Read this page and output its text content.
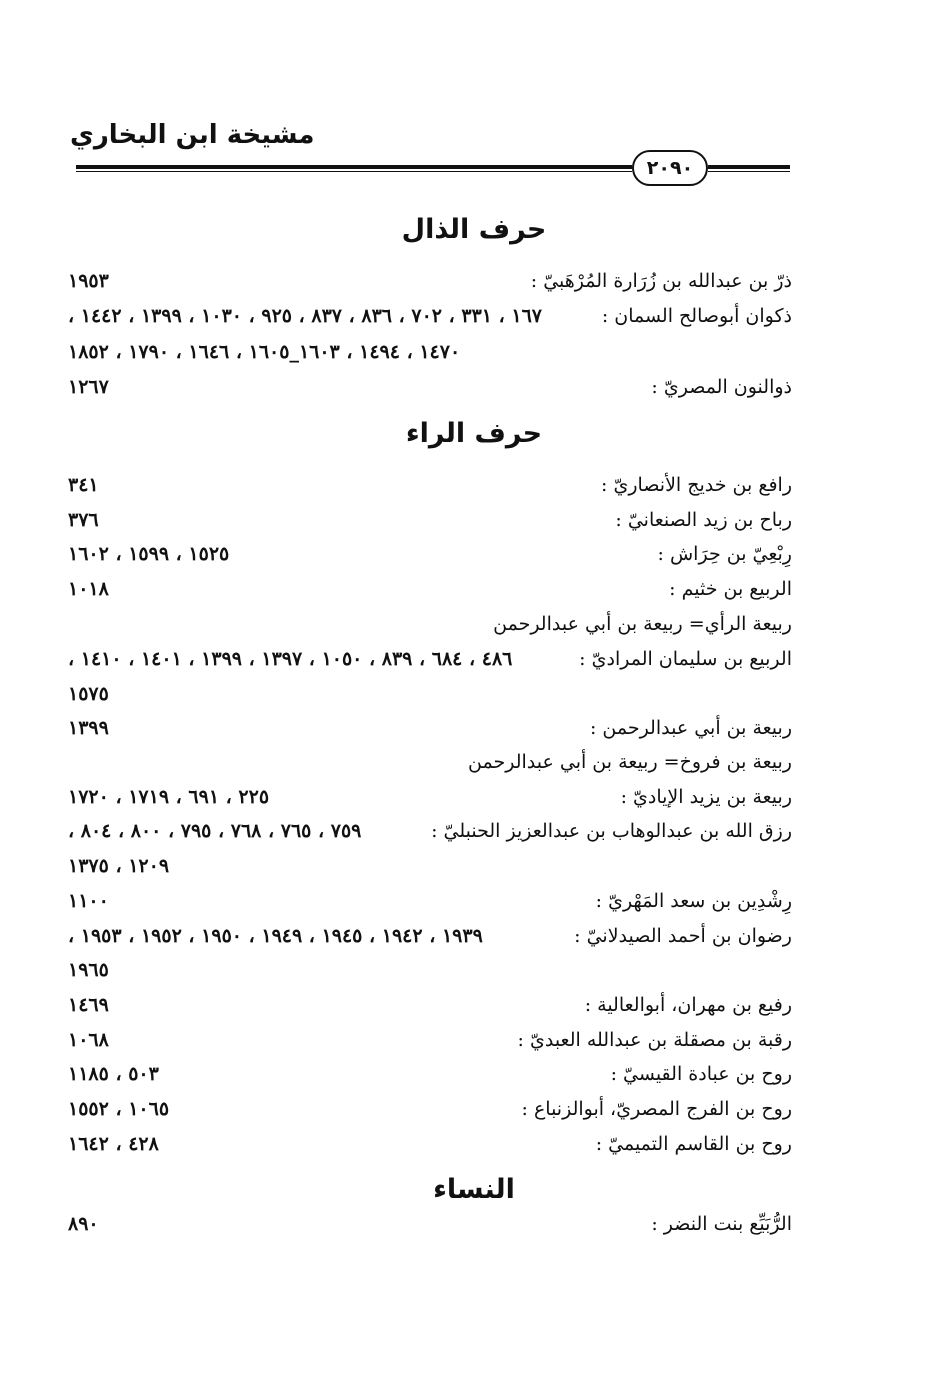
مشيخة ابن البخاري
٢٠٩٠
حرف الذال
ذرّ بن عبدالله بن زُرَارة المُرْهَبيّ :
١٩٥٣
ذكوان أبوصالح السمان :
١٦٧ ، ٣٣١ ، ٧٠٢ ، ٨٣٦ ، ٨٣٧ ، ٩٢٥ ، ١٠٣٠ ، ١٣٩٩ ، ١٤٤٢ ،
١٤٧٠ ، ١٤٩٤ ، ١٦٠٣_١٦٠٥ ، ١٦٤٦ ، ١٧٩٠ ، ١٨٥٢
ذوالنون المصريّ :
١٢٦٧
حرف الراء
رافع بن خديج الأنصاريّ :
٣٤١
رباح بن زيد الصنعانيّ :
٣٧٦
رِبْعِيّ بن حِرَاش :
١٥٢٥ ، ١٥٩٩ ، ١٦٠٢
الربيع بن خثيم :
١٠١٨
ربيعة الرأي= ربيعة بن أبي عبدالرحمن
الربيع بن سليمان المراديّ :
٤٨٦ ، ٦٨٤ ، ٨٣٩ ، ١٠٥٠ ، ١٣٩٧ ، ١٣٩٩ ، ١٤٠١ ، ١٤١٠ ،
١٥٧٥
ربيعة بن أبي عبدالرحمن :
١٣٩٩
ربيعة بن فروخ= ربيعة بن أبي عبدالرحمن
ربيعة بن يزيد الإياديّ :
٢٢٥ ، ٦٩١ ، ١٧١٩ ، ١٧٢٠
رزق الله بن عبدالوهاب بن عبدالعزيز الحنبليّ :
٧٥٩ ، ٧٦٥ ، ٧٦٨ ، ٧٩٥ ، ٨٠٠ ، ٨٠٤ ،
١٢٠٩ ، ١٣٧٥
رِشْدِين بن سعد المَهْريّ :
١١٠٠
رضوان بن أحمد الصيدلانيّ :
١٩٣٩ ، ١٩٤٢ ، ١٩٤٥ ، ١٩٤٩ ، ١٩٥٠ ، ١٩٥٢ ، ١٩٥٣ ،
١٩٦٥
رفيع بن مهران، أبوالعالية :
١٤٦٩
رقبة بن مصقلة بن عبدالله العبديّ :
١٠٦٨
روح بن عبادة القيسيّ :
٥٠٣ ، ١١٨٥
روح بن الفرج المصريّ، أبوالزنباع :
١٠٦٥ ، ١٥٥٢
روح بن القاسم التميميّ :
٤٢٨ ، ١٦٤٢
النساء
الرُّبَيِّع بنت النضر :
٨٩٠
